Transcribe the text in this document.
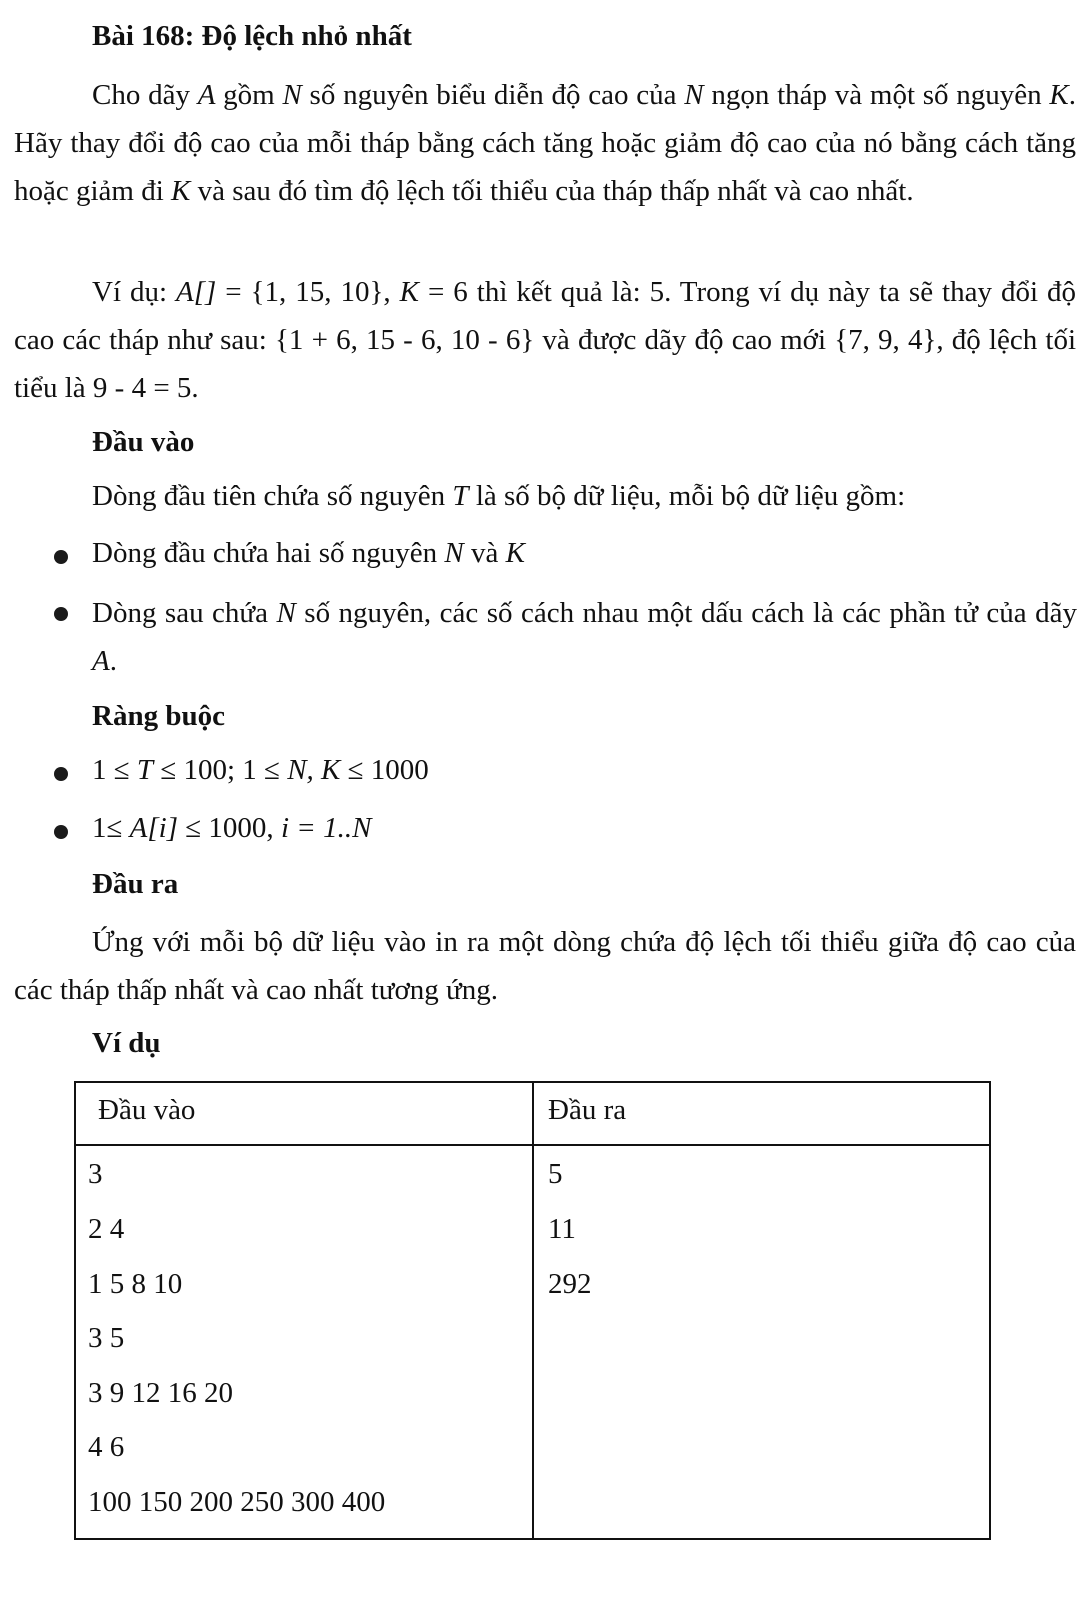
Bài 168: Độ lệch nhỏ nhất

Cho dãy A gồm N số nguyên biểu diễn độ cao của N ngọn tháp và một số nguyên K. Hãy thay đổi độ cao của mỗi tháp bằng cách tăng hoặc giảm độ cao của nó bằng cách tăng hoặc giảm đi K và sau đó tìm độ lệch tối thiểu của tháp thấp nhất và cao nhất.

Ví dụ: A[] = {1, 15, 10}, K = 6 thì kết quả là: 5. Trong ví dụ này ta sẽ thay đổi độ cao các tháp như sau: {1 + 6, 15 - 6, 10 - 6} và được dãy độ cao mới {7, 9, 4}, độ lệch tối tiểu là 9 - 4 = 5.

Đầu vào
Dòng đầu tiên chứa số nguyên T là số bộ dữ liệu, mỗi bộ dữ liệu gồm:
Dòng đầu chứa hai số nguyên N và K

Dòng sau chứa N số nguyên, các số cách nhau một dấu cách là các phần tử của dãy A.

Ràng buộc
1 ≤ T ≤ 100; 1 ≤ N, K ≤ 1000
1≤ A[i] ≤ 1000, i = 1..N
Đầu ra

Ứng với mỗi bộ dữ liệu vào in ra một dòng chứa độ lệch tối thiểu giữa độ cao của các tháp thấp nhất và cao nhất tương ứng.

Ví dụ
Đầu vào	Đầu ra
3
2 4
1 5 8 10
3 5
3 9 12 16 20
4 6
100 150 200 250 300 400
5
11
292
